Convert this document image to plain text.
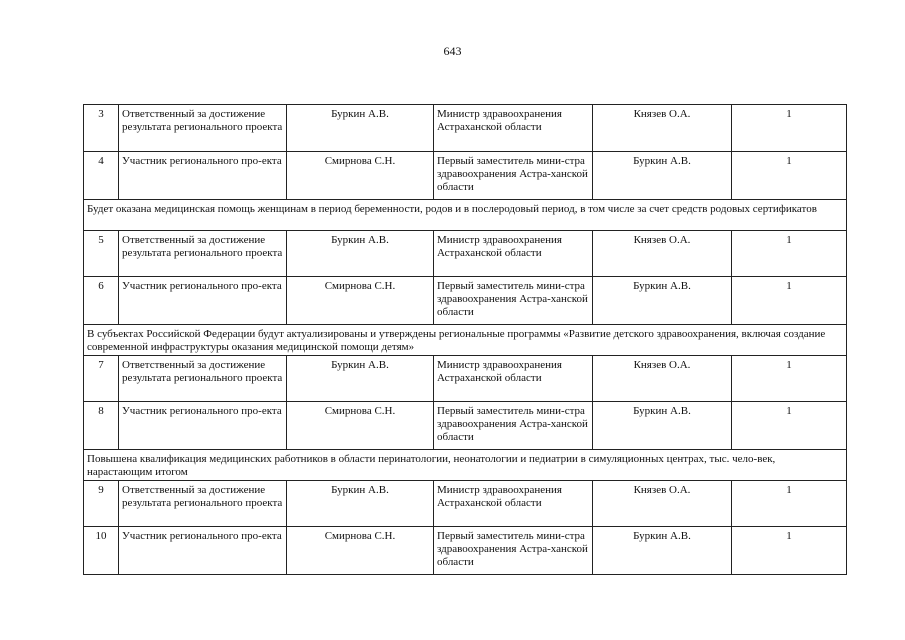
643
3	Ответственный за достижение результата регионального проекта	Буркин А.В.	Министр здравоохранения Астраханской области	Князев О.А.	1
4	Участник регионального про-екта	Смирнова С.Н.	Первый заместитель мини-стра здравоохранения Астра-ханской области	Буркин А.В.	1
Будет оказана медицинская помощь женщинам в период беременности, родов и в послеродовый период, в том числе за счет средств родовых сертификатов					
5	Ответственный за достижение результата регионального проекта	Буркин А.В.	Министр здравоохранения Астраханской области	Князев О.А.	1
6	Участник регионального про-екта	Смирнова С.Н.	Первый заместитель мини-стра здравоохранения Астра-ханской области	Буркин А.В.	1
В субъектах Российской Федерации будут актуализированы и утверждены региональные программы «Развитие детского здравоохранения, включая создание современной инфраструктуры оказания медицинской помощи детям»					
7	Ответственный за достижение результата регионального проекта	Буркин А.В.	Министр здравоохранения Астраханской области	Князев О.А.	1
8	Участник регионального про-екта	Смирнова С.Н.	Первый заместитель мини-стра здравоохранения Астра-ханской области	Буркин А.В.	1
Повышена квалификация медицинских работников в области перинатологии, неонатологии и педиатрии в симуляционных центрах, тыс. чело-век, нарастающим итогом					
9	Ответственный за достижение результата регионального проекта	Буркин А.В.	Министр здравоохранения Астраханской области	Князев О.А.	1
10	Участник регионального про-екта	Смирнова С.Н.	Первый заместитель мини-стра здравоохранения Астра-ханской области	Буркин А.В.	1
